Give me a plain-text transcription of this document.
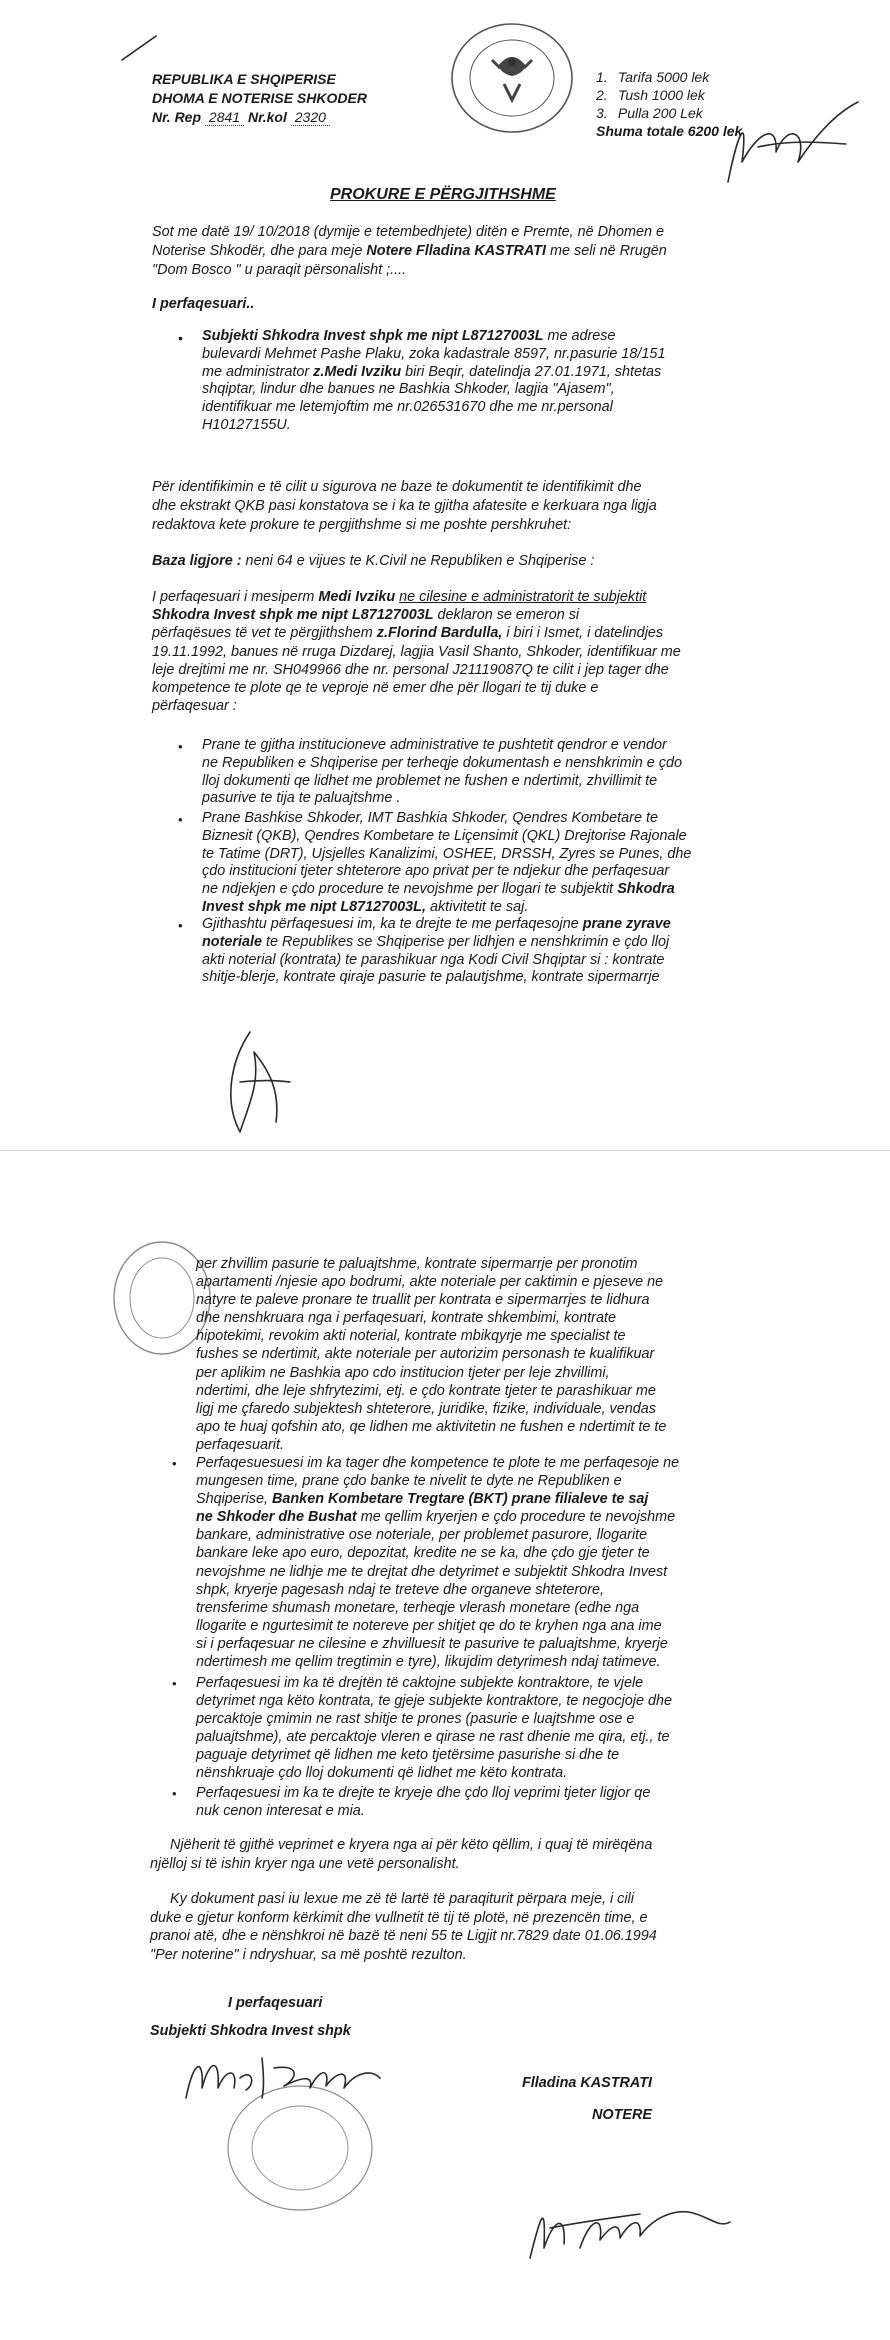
REPUBLIKA E SHQIPERISE
DHOMA E NOTERISE SHKODER
Nr. Rep 2841 Nr.kol 2320
1. Tarifa 5000 lek
2. Tush 1000 lek
3. Pulla 200 Lek
Shuma totale 6200 lek
PROKURE E PËRGJITHSHME
Sot me datë 19/ 10/2018 (dymije e tetembedhjete) ditën e Premte, në Dhomen e
Noterise Shkodër, dhe para meje Notere Flladina KASTRATI me seli në Rrugën
"Dom Bosco " u paraqit përsonalisht ;....
I perfaqesuari..
• Subjekti Shkodra Invest shpk me nipt L87127003L me adrese
bulevardi Mehmet Pashe Plaku, zoka kadastrale 8597, nr.pasurie 18/151
me administrator z.Medi Ivziku biri Beqir, datelindja 27.01.1971, shtetas
shqiptar, lindur dhe banues ne Bashkia Shkoder, lagjia "Ajasem",
identifikuar me letemjoftim me nr.026531670 dhe me nr.personal
H10127155U.
Për identifikimin e të cilit u sigurova ne baze te dokumentit te identifikimit dhe
dhe ekstrakt QKB pasi konstatova se i ka te gjitha afatesite e kerkuara nga ligja
redaktova kete prokure te pergjithshme si me poshte pershkruhet:
Baza ligjore : neni 64 e vijues te K.Civil ne Republiken e Shqiperise :
I perfaqesuari i mesiperm Medi Ivziku ne cilesine e administratorit te subjektit
Shkodra Invest shpk me nipt L87127003L deklaron se emeron si
përfaqësues të vet te përgjithshem z.Florind Bardulla, i biri i Ismet, i datelindjes
19.11.1992, banues në rruga Dizdarej, lagjia Vasil Shanto, Shkoder, identifikuar me
leje drejtimi me nr. SH049966 dhe nr. personal J21119087Q te cilit i jep tager dhe
kompetence te plote qe te veproje në emer dhe për llogari te tij duke e
përfaqesuar :
• Prane te gjitha institucioneve administrative te pushtetit qendror e vendor
ne Republiken e Shqiperise per terheqje dokumentash e nenshkrimin e çdo
lloj dokumenti qe lidhet me problemet ne fushen e ndertimit, zhvillimit te
pasurive te tija te paluajtshme .
• Prane Bashkise Shkoder, IMT Bashkia Shkoder, Qendres Kombetare te
Biznesit (QKB), Qendres Kombetare te Liçensimit (QKL) Drejtorise Rajonale
te Tatime (DRT), Ujsjelles Kanalizimi, OSHEE, DRSSH, Zyres se Punes, dhe
çdo institucioni tjeter shteterore apo privat per te ndjekur dhe perfaqesuar
ne ndjekjen e çdo procedure te nevojshme per llogari te subjektit Shkodra
Invest shpk me nipt L87127003L, aktivitetit te saj.
• Gjithashtu përfaqesuesi im, ka te drejte te me perfaqesojne prane zyrave
noteriale te Republikes se Shqiperise per lidhjen e nenshkrimin e çdo lloj
akti noterial (kontrata) te parashikuar nga Kodi Civil Shqiptar si : kontrate
shitje-blerje, kontrate qiraje pasurie te palautjshme, kontrate sipermarrje
per zhvillim pasurie te paluajtshme, kontrate sipermarrje per pronotim
apartamenti /njesie apo bodrumi, akte noteriale per caktimin e pjeseve ne
natyre te paleve pronare te truallit per kontrata e sipermarrjes te lidhura
dhe nenshkruara nga i perfaqesuari, kontrate shkembimi, kontrate
hipotekimi, revokim akti noterial, kontrate mbikqyrje me specialist te
fushes se ndertimit, akte noteriale per autorizim personash te kualifikuar
per aplikim ne Bashkia apo cdo institucion tjeter per leje zhvillimi,
ndertimi, dhe leje shfrytezimi, etj. e çdo kontrate tjeter te parashikuar me
ligj me çfaredo subjektesh shteterore, juridike, fizike, individuale, vendas
apo te huaj qofshin ato, qe lidhen me aktivitetin ne fushen e ndertimit te te
perfaqesuarit.
• Perfaqesuesuesi im ka tager dhe kompetence te plote te me perfaqesoje ne
mungesen time, prane çdo banke te nivelit te dyte ne Republiken e
Shqiperise, Banken Kombetare Tregtare (BKT) prane filialeve te saj
ne Shkoder dhe Bushat me qellim kryerjen e çdo procedure te nevojshme
bankare, administrative ose noteriale, per problemet pasurore, llogarite
bankare leke apo euro, depozitat, kredite ne se ka, dhe çdo gje tjeter te
nevojshme ne lidhje me te drejtat dhe detyrimet e subjektit Shkodra Invest
shpk, kryerje pagesash ndaj te treteve dhe organeve shteterore,
trensferime shumash monetare, terheqje vlerash monetare (edhe nga
llogarite e ngurtesimit te notereve per shitjet qe do te kryhen nga ana ime
si i perfaqesuar ne cilesine e zhvilluesit te pasurive te paluajtshme, kryerje
ndertimesh me qellim tregtimin e tyre), likujdim detyrimesh ndaj tatimeve.
• Perfaqesuesi im ka të drejtën të caktojne subjekte kontraktore, te vjele
detyrimet nga këto kontrata, te gjeje subjekte kontraktore, te negocjoje dhe
percaktoje çmimin ne rast shitje te prones (pasurie e luajtshme ose e
paluajtshme), ate percaktoje vleren e qirase ne rast dhenie me qira, etj., te
paguaje detyrimet që lidhen me keto tjetërsime pasurishe si dhe te
nënshkruaje çdo lloj dokumenti që lidhet me këto kontrata.
• Perfaqesuesi im ka te drejte te kryeje dhe çdo lloj veprimi tjeter ligjor qe
nuk cenon interesat e mia.
Njëherit të gjithë veprimet e kryera nga ai për këto qëllim, i quaj të mirëqëna
njëlloj si të ishin kryer nga une vetë personalisht.
Ky dokument pasi iu lexue me zë të lartë të paraqiturit përpara meje, i cili
duke e gjetur konform kërkimit dhe vullnetit të tij të plotë, në prezencën time, e
pranoi atë, dhe e nënshkroi në bazë të neni 55 te Ligjit nr.7829 date 01.06.1994
"Per noterine" i ndryshuar, sa më poshtë rezulton.
I perfaqesuari
Subjekti Shkodra Invest shpk
Flladina KASTRATI
NOTERE
